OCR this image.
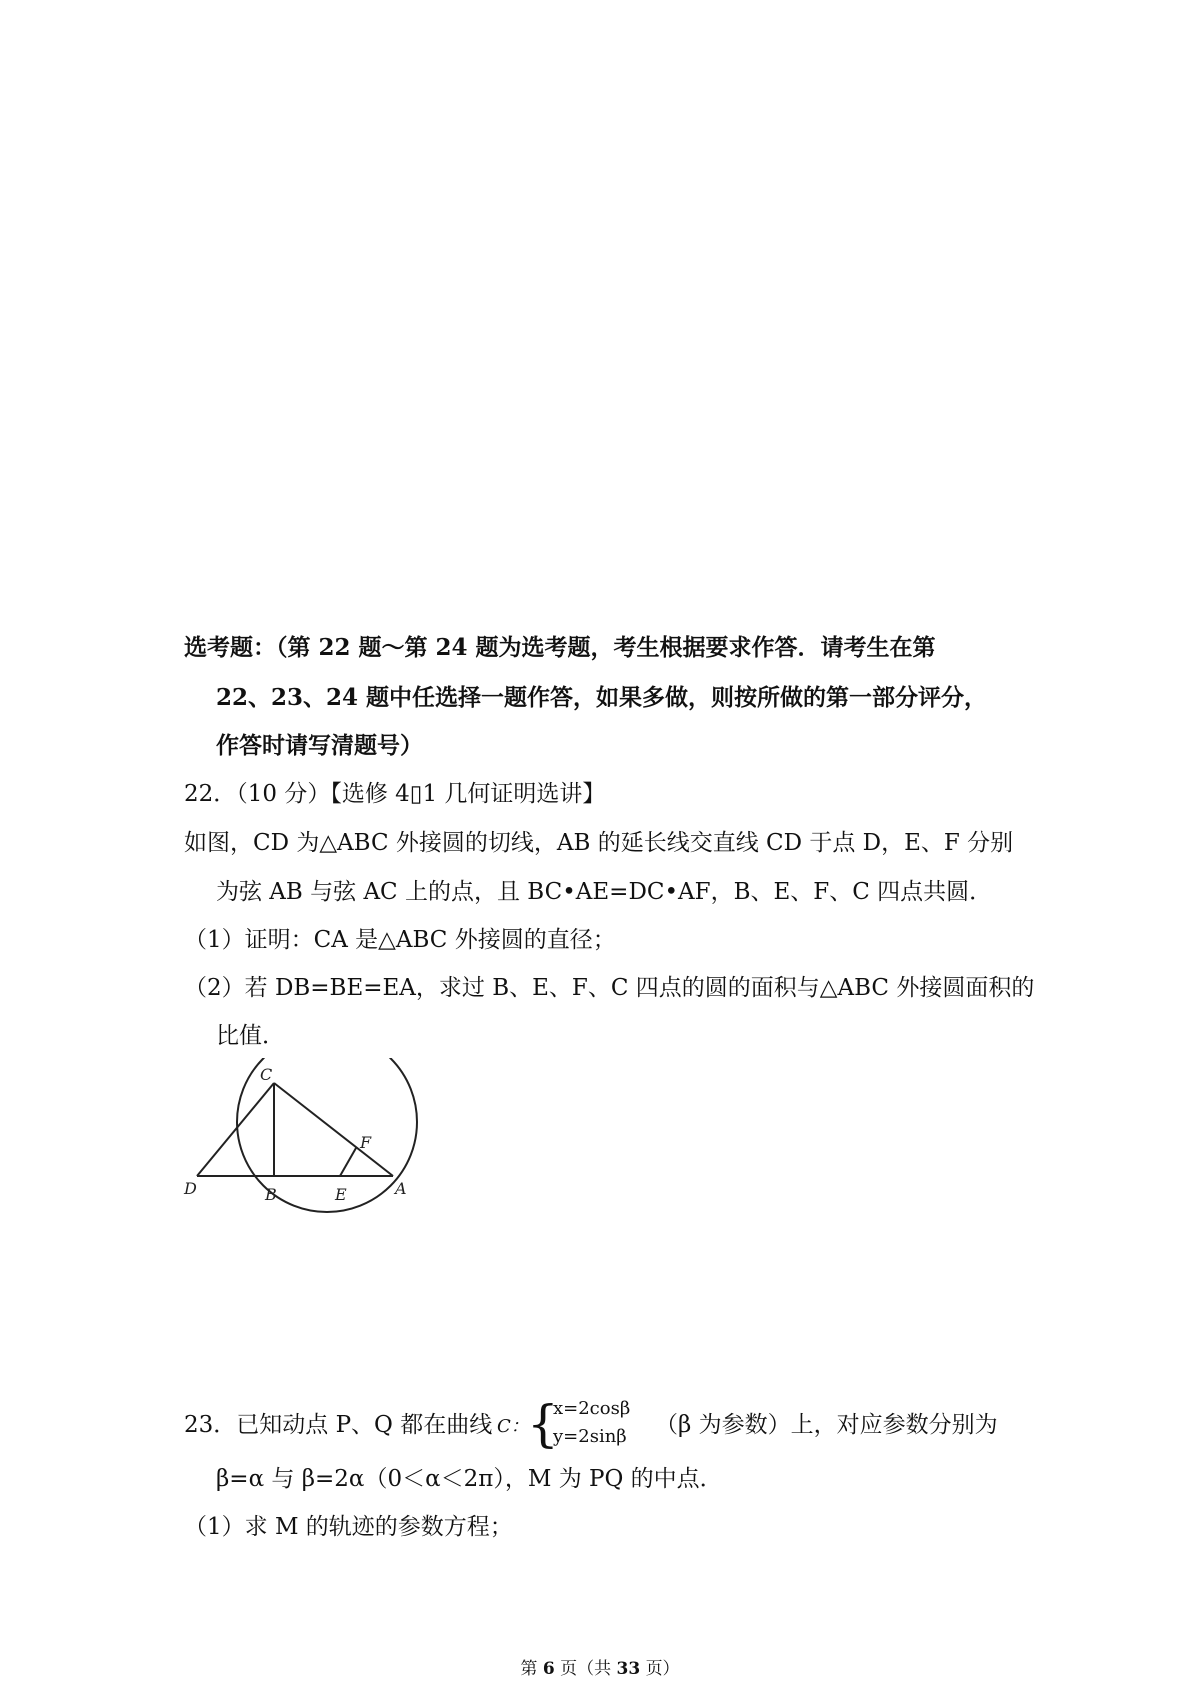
选考题：（第 22 题～第 24 题为选考题，考生根据要求作答．请考生在第
22、23、24 题中任选择一题作答，如果多做，则按所做的第一部分评分，
作答时请写清题号）
22．（10 分）【选修 4▯1 几何证明选讲】
如图，CD 为△ABC 外接圆的切线，AB 的延长线交直线 CD 于点 D，E、F 分别
为弦 AB 与弦 AC 上的点，且 BC•AE=DC•AF，B、E、F、C 四点共圆．
（1）证明：CA 是△ABC 外接圆的直径；
（2）若 DB=BE=EA，求过 B、E、F、C 四点的圆的面积与△ABC 外接圆面积的
比值．
C
F
D	B	E	A
23．已知动点 P、Q 都在曲线 C：
{
x=2cosβ
y=2sinβ （β 为参数）上，对应参数分别为
β=α 与 β=2α（0＜α＜2π），M 为 PQ 的中点．
（1）求 M 的轨迹的参数方程；
第 6 页（共 33 页）
